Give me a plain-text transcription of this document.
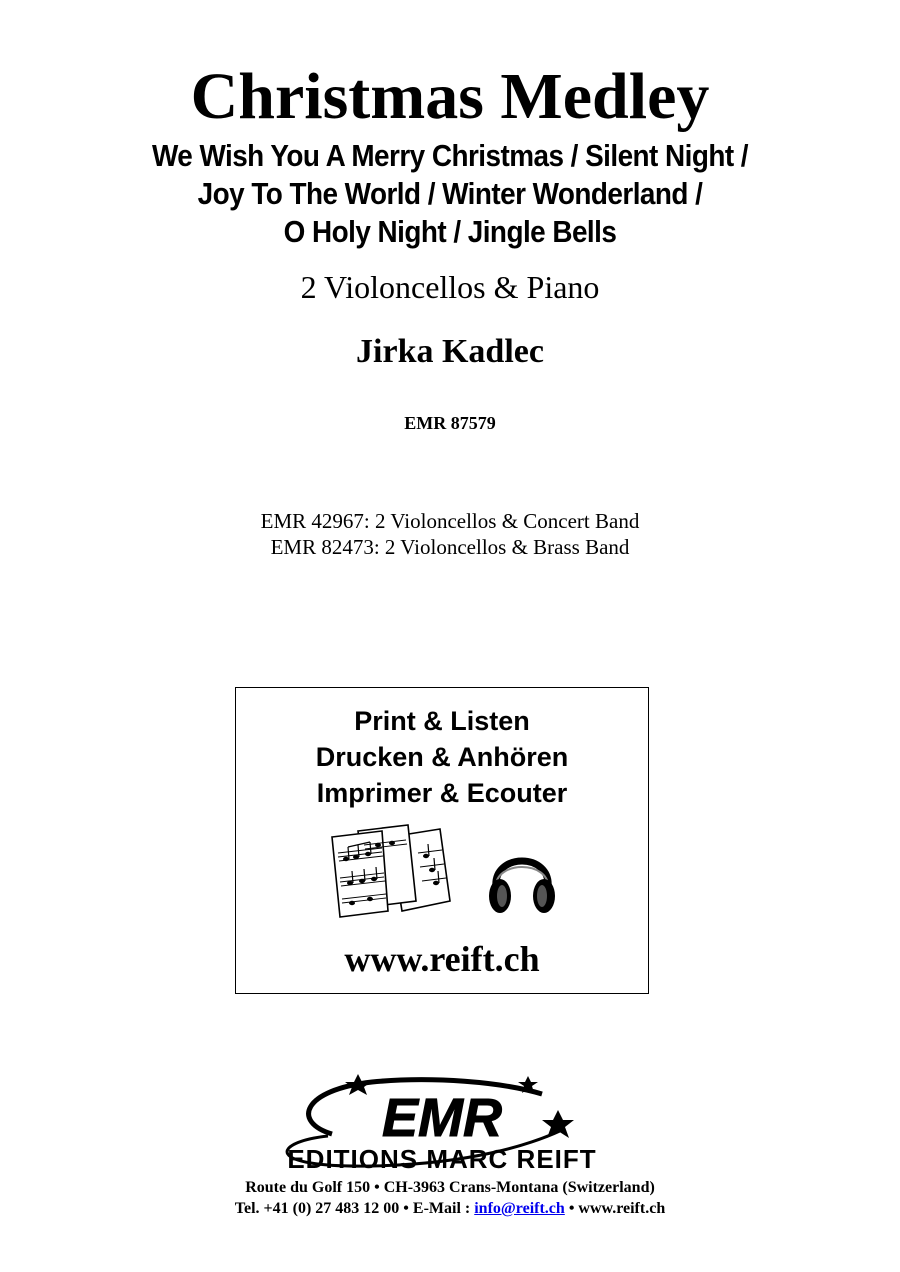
Christmas Medley
We Wish You A Merry Christmas / Silent Night /
Joy To The World / Winter Wonderland /
O Holy Night / Jingle Bells
2 Violoncellos & Piano
Jirka Kadlec
EMR 87579
EMR 42967: 2 Violoncellos & Concert Band
EMR 82473: 2 Violoncellos & Brass Band
Print & Listen
Drucken & Anhören
Imprimer & Ecouter
www.reift.ch
EMR
EDITIONS MARC REIFT
Route du Golf 150 • CH-3963 Crans-Montana (Switzerland)
Tel. +41 (0) 27 483 12 00 • E-Mail : info@reift.ch • www.reift.ch
